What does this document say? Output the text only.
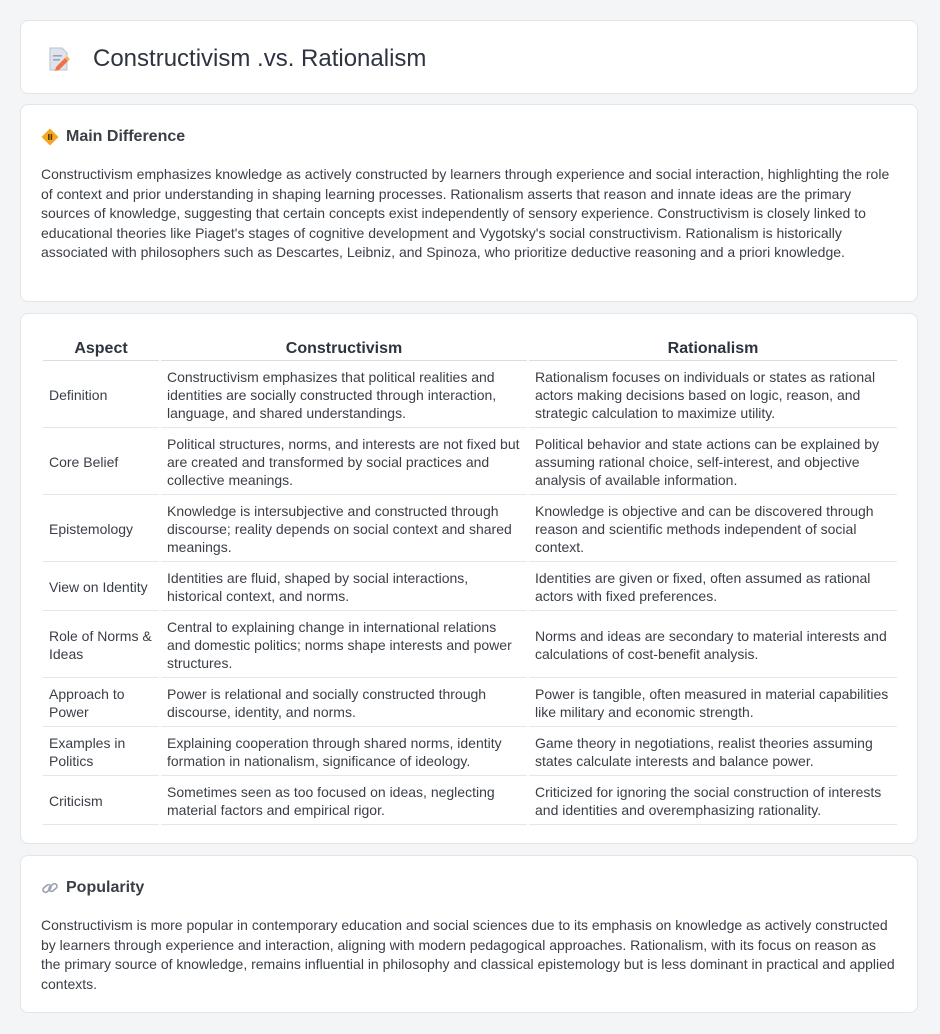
Constructivism .vs. Rationalism
Main Difference

Constructivism emphasizes knowledge as actively constructed by learners through experience and social interaction, highlighting the role of context and prior understanding in shaping learning processes. Rationalism asserts that reason and innate ideas are the primary sources of knowledge, suggesting that certain concepts exist independently of sensory experience. Constructivism is closely linked to educational theories like Piaget's stages of cognitive development and Vygotsky's social constructivism. Rationalism is historically associated with philosophers such as Descartes, Leibniz, and Spinoza, who prioritize deductive reasoning and a priori knowledge.

Aspect	Constructivism	Rationalism
Definition	Constructivism emphasizes that political realities and identities are socially constructed through interaction, language, and shared understandings.	Rationalism focuses on individuals or states as rational actors making decisions based on logic, reason, and strategic calculation to maximize utility.
Core Belief	Political structures, norms, and interests are not fixed but are created and transformed by social practices and collective meanings.	Political behavior and state actions can be explained by assuming rational choice, self-interest, and objective analysis of available information.
Epistemology	Knowledge is intersubjective and constructed through discourse; reality depends on social context and shared meanings.	Knowledge is objective and can be discovered through reason and scientific methods independent of social context.
View on Identity	Identities are fluid, shaped by social interactions, historical context, and norms.	Identities are given or fixed, often assumed as rational actors with fixed preferences.
Role of Norms & Ideas	Central to explaining change in international relations and domestic politics; norms shape interests and power structures.	Norms and ideas are secondary to material interests and calculations of cost-benefit analysis.
Approach to Power	Power is relational and socially constructed through discourse, identity, and norms.	Power is tangible, often measured in material capabilities like military and economic strength.
Examples in Politics	Explaining cooperation through shared norms, identity formation in nationalism, significance of ideology.	Game theory in negotiations, realist theories assuming states calculate interests and balance power.
Criticism	Sometimes seen as too focused on ideas, neglecting material factors and empirical rigor.	Criticized for ignoring the social construction of interests and identities and overemphasizing rationality.
Popularity

Constructivism is more popular in contemporary education and social sciences due to its emphasis on knowledge as actively constructed by learners through experience and interaction, aligning with modern pedagogical approaches. Rationalism, with its focus on reason as the primary source of knowledge, remains influential in philosophy and classical epistemology but is less dominant in practical and applied contexts.
